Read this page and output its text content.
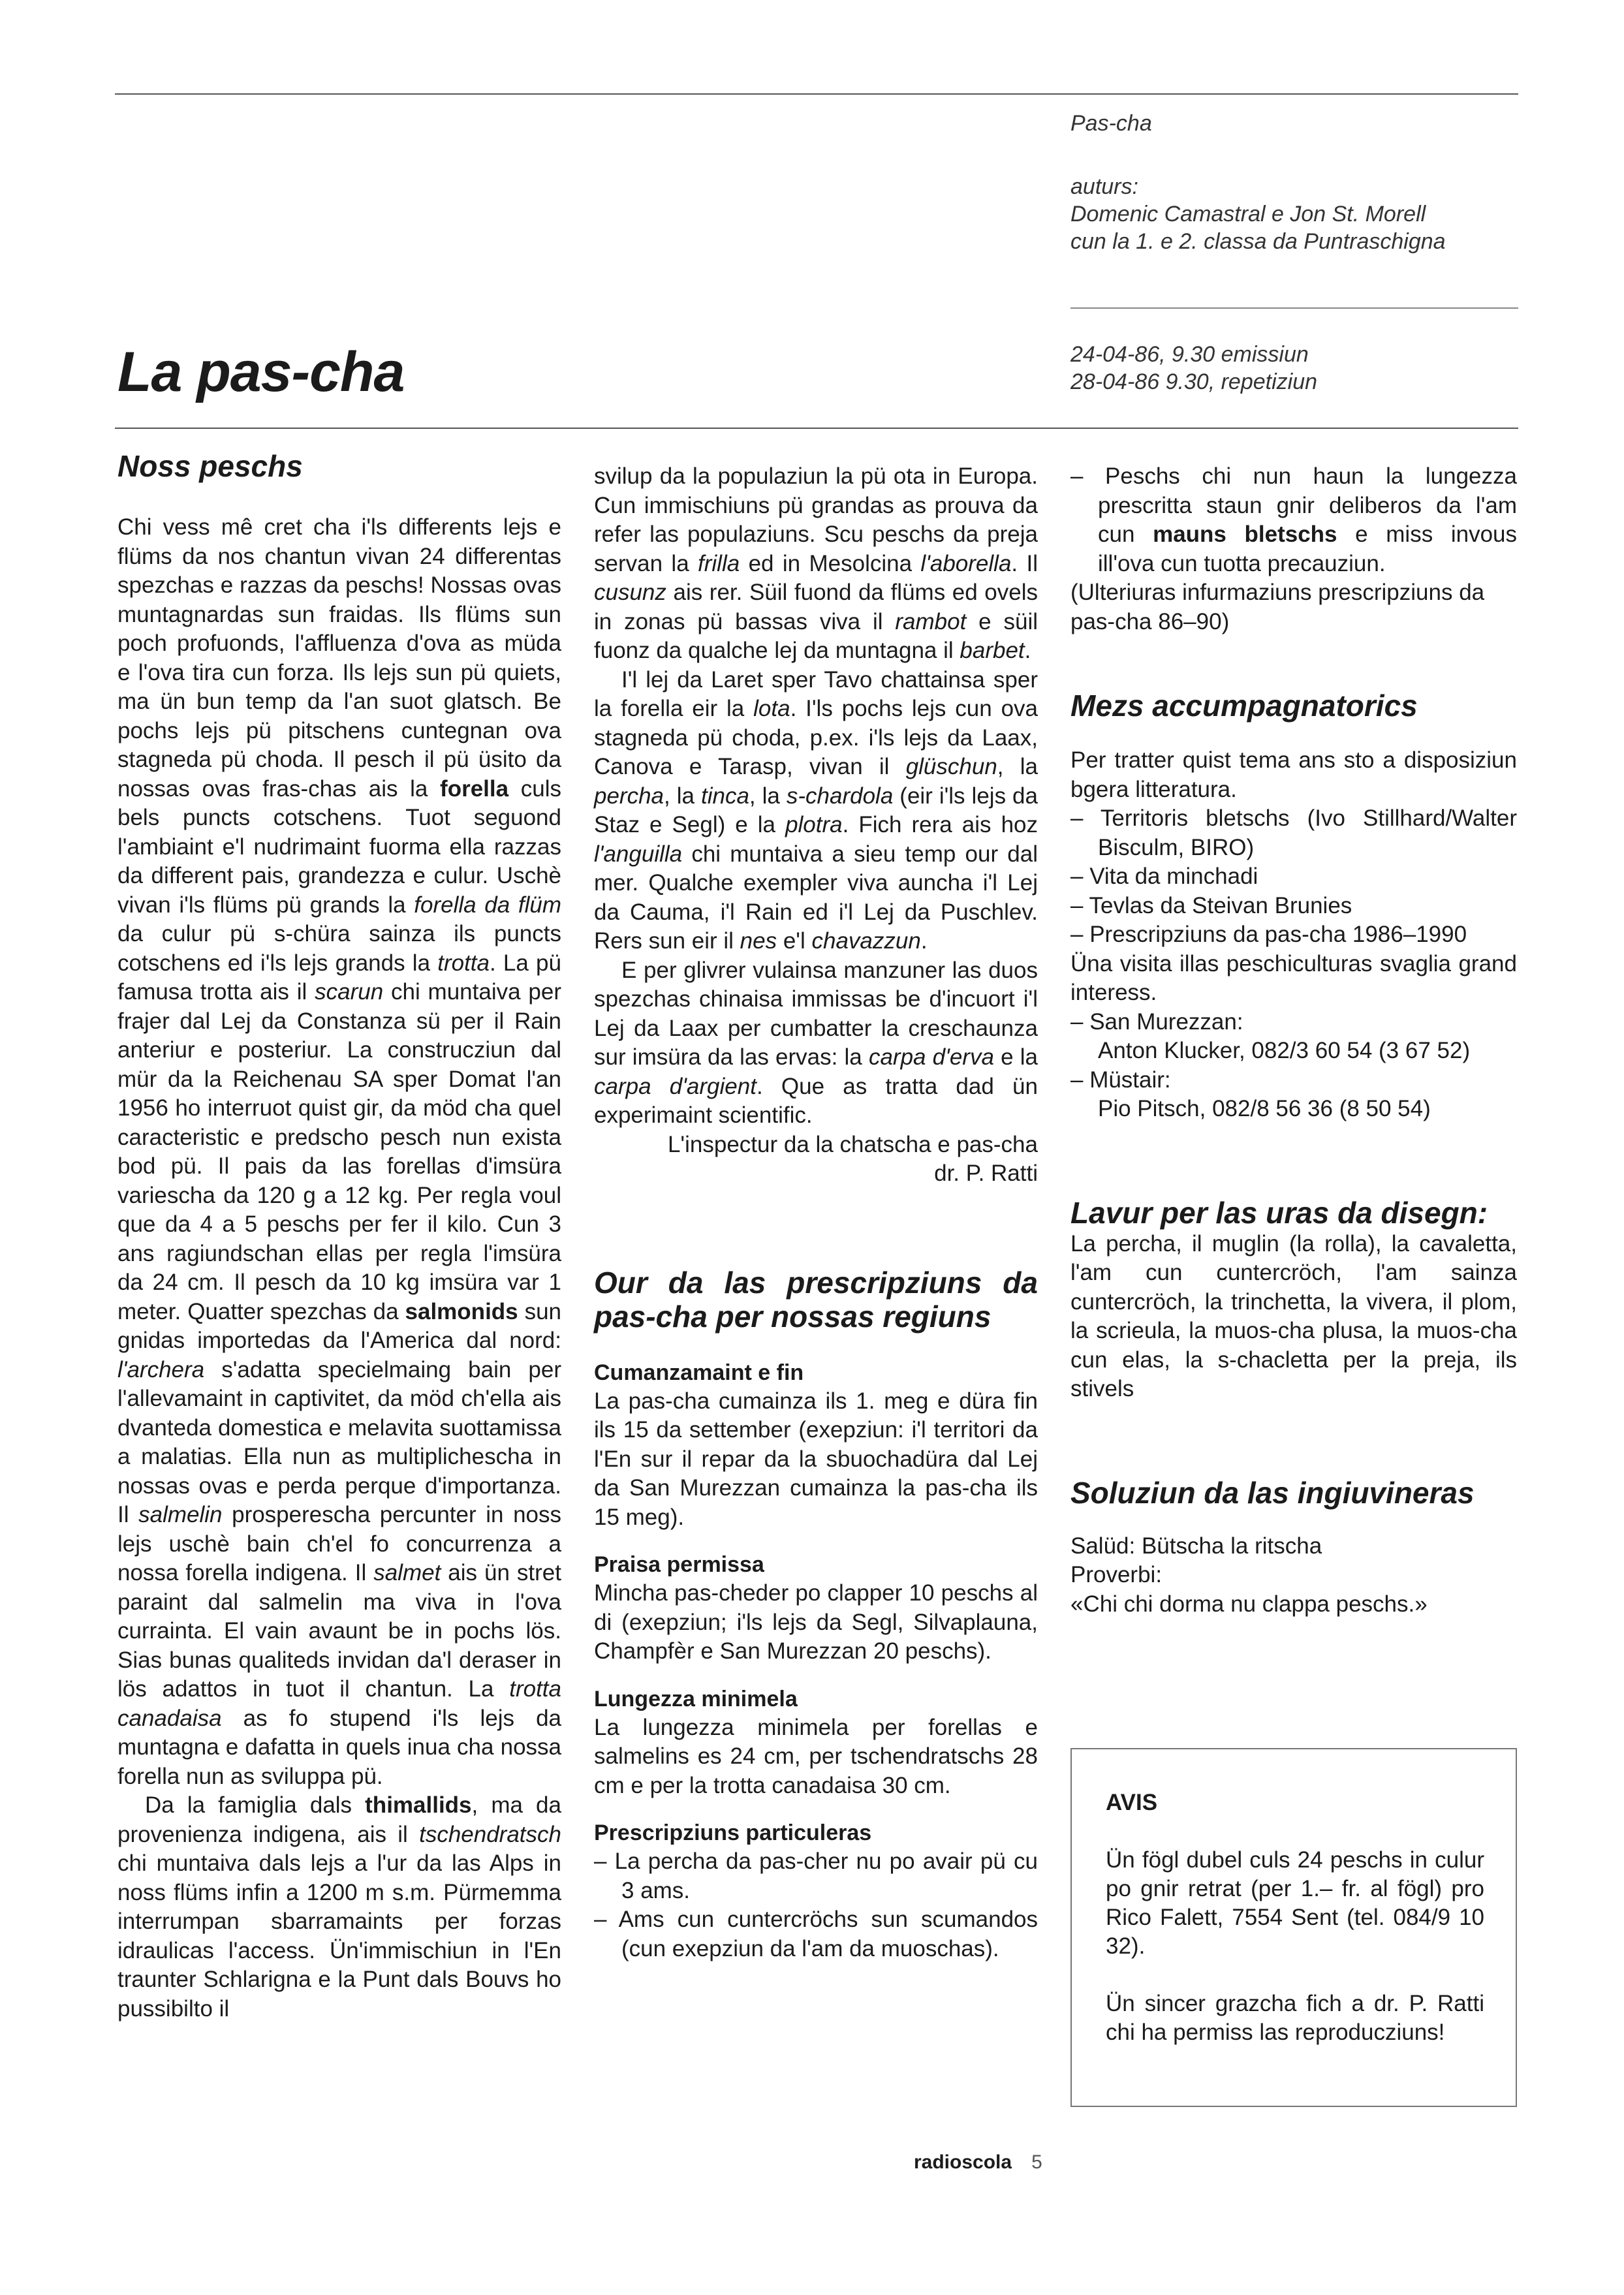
Pas-cha
auturs:
Domenic Camastral e Jon St. Morell
cun la 1. e 2. classa da Puntraschigna
24-04-86, 9.30 emissiun
28-04-86 9.30, repetiziun
La pas-cha
Noss peschs

Chi vess mê cret cha i'ls differents lejs e flüms da nos chantun vivan 24 differentas spezchas e razzas da peschs! Nossas ovas muntagnardas sun fraidas. Ils flüms sun poch profuonds, l'affluenza d'ova as müda e l'ova tira cun forza. Ils lejs sun pü quiets, ma ün bun temp da l'an suot glatsch. Be pochs lejs pü pitschens cuntegnan ova stagneda pü choda. Il pesch il pü üsito da nossas ovas fras-chas ais la forella culs bels puncts cotschens. Tuot seguond l'ambiaint e'l nudrimaint fuorma ella razzas da different pais, grandezza e culur. Uschè vivan i'ls flüms pü grands la forella da flüm da culur pü s-chüra sainza ils puncts cotschens ed i'ls lejs grands la trotta. La pü famusa trotta ais il scarun chi muntaiva per frajer dal Lej da Constanza sü per il Rain anteriur e posteriur. La construcziun dal mür da la Reichenau SA sper Domat l'an 1956 ho interruot quist gir, da möd cha quel caracteristic e predscho pesch nun exista bod pü. Il pais da las forellas d'imsüra varieschа da 120 g a 12 kg. Per regla voul que da 4 a 5 peschs per fer il kilo. Cun 3 ans ragiundschan ellas per regla l'imsüra da 24 cm. Il pesch da 10 kg imsüra var 1 meter. Quatter spezchas da salmonids sun gnidas importedas da l'America dal nord: l'archera s'adatta specielmaing bain per l'allevamaint in captivitet, da möd ch'ella ais dvanteda domestica e melavita suottamissa a malatias. Ella nun as multiplichescha in nossas ovas e perda perque d'importanza. Il salmelin prospereschа percunter in noss lejs uschè bain ch'el fo concurrenza a nossa forella indigena. Il salmet ais ün stret paraint dal salmelin ma viva in l'ova currainta. El vain avaunt be in pochs lös. Sias bunas qualiteds invidan da'l deraser in lös adattos in tuot il chantun. La trotta canadaisa as fo stupend i'ls lejs da muntagna e dafatta in quels inua cha nossa forella nun as sviluppa pü.

Da la famiglia dals thimallids, ma da provenienza indigena, ais il tschendratsch chi muntaiva dals lejs a l'ur da las Alps in noss flüms infin a 1200 m s.m. Pürmemma interrumpan sbarramaints per forzas idraulicas l'access. Ün'immischiun in l'En traunter Schlarigna e la Punt dals Bouvs ho pussibilto il

svilup da la populaziun la pü ota in Europa. Cun immischiuns pü grandas as prouva da refer las populaziuns. Scu peschs da preja servan la frilla ed in Mesolcina l'aborella. Il cusunz ais rer. Süil fuond da flüms ed ovels in zonas pü bassas viva il rambot e süil fuonz da qualche lej da muntagna il barbet.

I'l lej da Laret sper Tavo chattainsa sper la forella eir la lota. I'ls pochs lejs cun ova stagneda pü choda, p.ex. i'ls lejs da Laax, Canova e Tarasp, vivan il glüschun, la percha, la tinca, la s-chardola (eir i'ls lejs da Staz e Segl) e la plotra. Fich rera ais hoz l'anguilla chi muntaiva a sieu temp our dal mer. Qualche exempler viva auncha i'l Lej da Cauma, i'l Rain ed i'l Lej da Puschlev. Rers sun eir il nes e'l chavazzun.

E per glivrer vulainsa manzuner las duos spezchas chinaisa immissas be d'incuort i'l Lej da Laax per cumbatter la creschaunza sur imsüra da las ervas: la carpa d'erva e la carpa d'argient. Que as tratta dad ün experimaint scientific.

L'inspectur da la chatscha e pas-cha

dr. P. Ratti

Our da las prescripziuns da pas-cha per nossas regiuns
Cumanzamaint e fin

La pas-cha cumainza ils 1. meg e düra fin ils 15 da settember (exepziun: i'l territori da l'En sur il repar da la sbuochadüra dal Lej da San Murezzan cumainza la pas-cha ils 15 meg).

Praisa permissa

Mincha pas-cheder po clapper 10 peschs al di (exepziun; i'ls lejs da Segl, Silvaplauna, Champfèr e San Murezzan 20 peschs).

Lungezza minimela

La lungezza minimela per forellas e salmelins es 24 cm, per tschendratschs 28 cm e per la trotta canadaisa 30 cm.

Prescripziuns particuleras

– La percha da pas-cher nu po avair pü cu 3 ams.

– Ams cun cuntercröchs sun scumandos (cun exepziun da l'am da muoschas).

– Peschs chi nun haun la lungezza prescritta staun gnir deliberos da l'am cun mauns bletschs e miss invous ill'ova cun tuotta precauziun.

(Ulteriuras infurmaziuns prescripziuns da pas-cha 86–90)

Mezs accumpagnatorics

Per tratter quist tema ans sto a disposiziun bgera litteratura.

– Territoris bletschs (Ivo Stillhard/Walter Bisculm, BIRO)

– Vita da minchadi

– Tevlas da Steivan Brunies

– Prescripziuns da pas-cha 1986–1990

Üna visita illas peschiculturas svaglia grand interess.

– San Murezzan:

Anton Klucker, 082/3 60 54 (3 67 52)

– Müstair:

Pio Pitsch, 082/8 56 36 (8 50 54)

Lavur per las uras da disegn:

La percha, il muglin (la rolla), la cavaletta, l'am cun cuntercröch, l'am sainza cuntercröch, la trinchetta, la vivera, il plom, la scrieula, la muos-cha plusa, la muos-cha cun elas, la s-chacletta per la preja, ils stivels

Soluziun da las ingiuvineras

Salüd: Bütscha la ritscha

Proverbi:

«Chi chi dorma nu clappa peschs.»

AVIS

Ün fögl dubel culs 24 peschs in culur po gnir retrat (per 1.– fr. al fögl) pro Rico Falett, 7554 Sent (tel. 084/9 10 32).

Ün sincer grazcha fich a dr. P. Ratti chi ha permiss las reproducziuns!

radioscola 5
